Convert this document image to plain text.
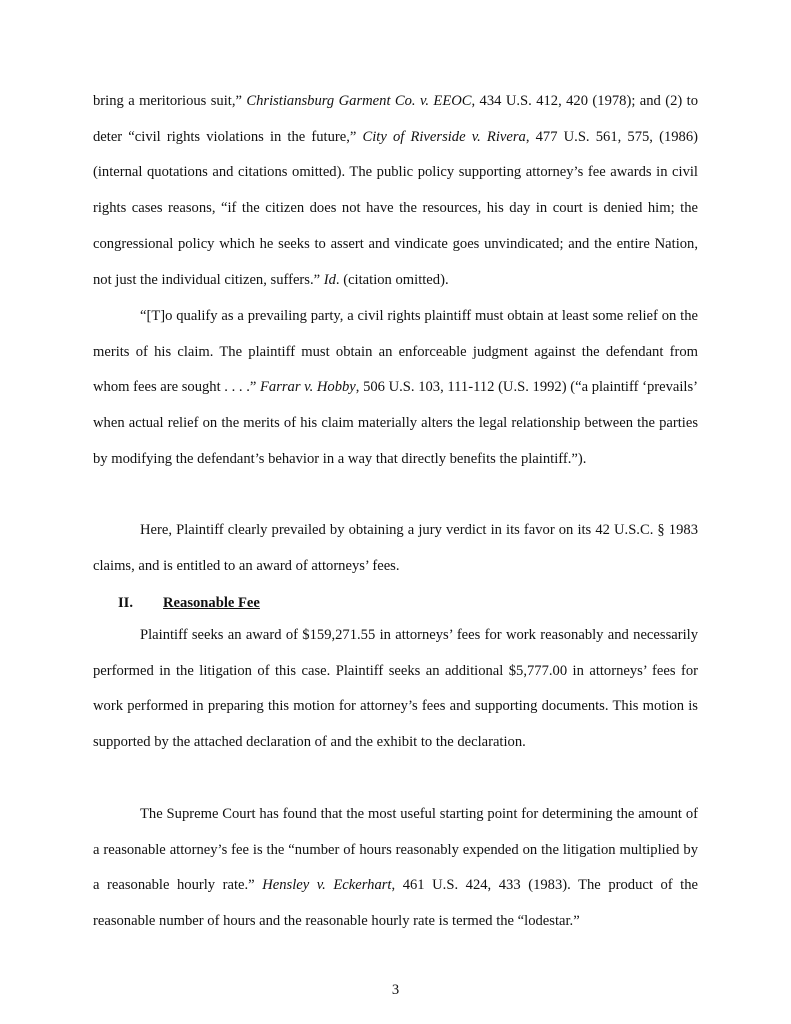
bring a meritorious suit,” Christiansburg Garment Co. v. EEOC, 434 U.S. 412, 420 (1978); and (2) to deter “civil rights violations in the future,” City of Riverside v. Rivera, 477 U.S. 561, 575, (1986) (internal quotations and citations omitted). The public policy supporting attorney’s fee awards in civil rights cases reasons, “if the citizen does not have the resources, his day in court is denied him; the congressional policy which he seeks to assert and vindicate goes unvindicated; and the entire Nation, not just the individual citizen, suffers.” Id. (citation omitted).

“[T]o qualify as a prevailing party, a civil rights plaintiff must obtain at least some relief on the merits of his claim. The plaintiff must obtain an enforceable judgment against the defendant from whom fees are sought . . . .” Farrar v. Hobby, 506 U.S. 103, 111-112 (U.S. 1992) (“a plaintiff ‘prevails’ when actual relief on the merits of his claim materially alters the legal relationship between the parties by modifying the defendant’s behavior in a way that directly benefits the plaintiff.”).

Here, Plaintiff clearly prevailed by obtaining a jury verdict in its favor on its 42 U.S.C. § 1983 claims, and is entitled to an award of attorneys’ fees.

II. Reasonable Fee

Plaintiff seeks an award of $159,271.55 in attorneys’ fees for work reasonably and necessarily performed in the litigation of this case. Plaintiff seeks an additional $5,777.00 in attorneys’ fees for work performed in preparing this motion for attorney’s fees and supporting documents. This motion is supported by the attached declaration of and the exhibit to the declaration.

The Supreme Court has found that the most useful starting point for determining the amount of a reasonable attorney’s fee is the “number of hours reasonably expended on the litigation multiplied by a reasonable hourly rate.” Hensley v. Eckerhart, 461 U.S. 424, 433 (1983). The product of the reasonable number of hours and the reasonable hourly rate is termed the “lodestar.”

3
